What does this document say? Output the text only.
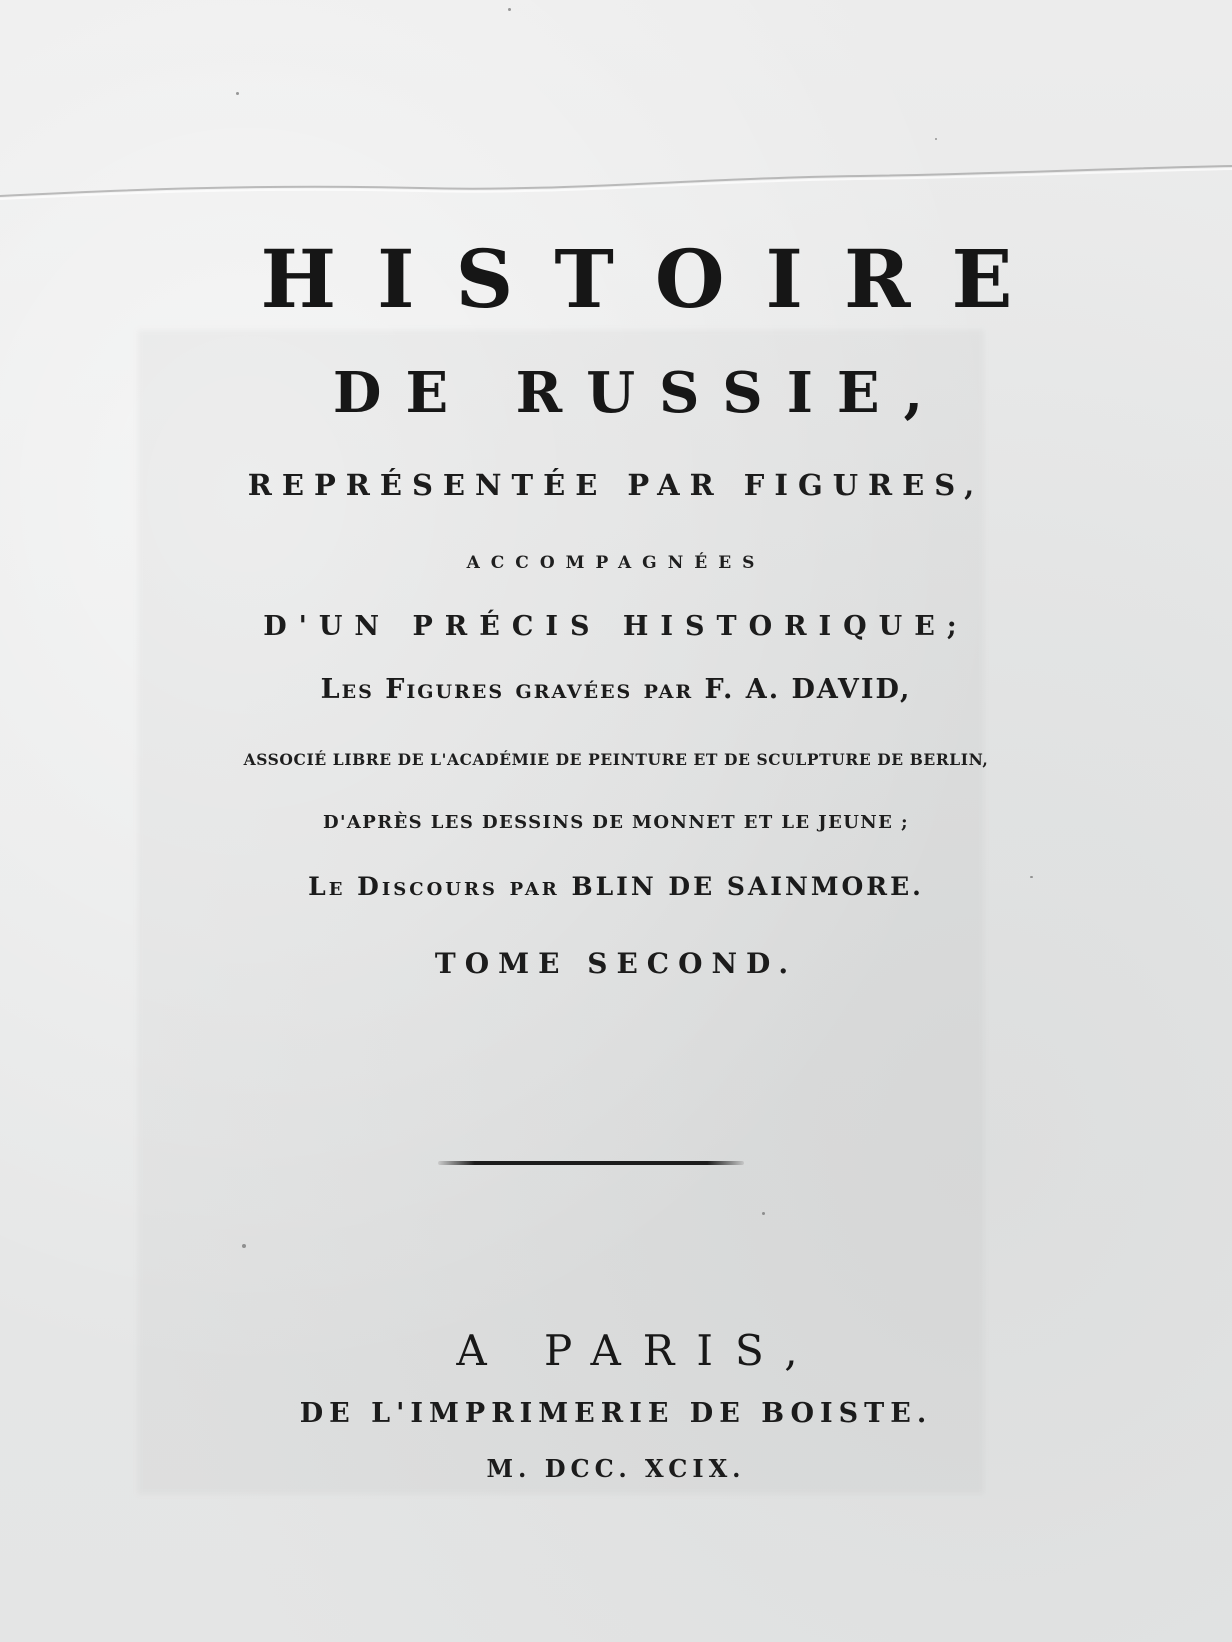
HISTOIRE
DE RUSSIE,
REPRÉSENTÉE PAR FIGURES,
ACCOMPAGNÉES
D'UN PRÉCIS HISTORIQUE;
Les Figures gravées par F. A. DAVID,
ASSOCIÉ LIBRE DE L'ACADÉMIE DE PEINTURE ET DE SCULPTURE DE BERLIN,
D'APRÈS LES DESSINS DE MONNET ET LE JEUNE ;
Le Discours par BLIN DE SAINMORE.
TOME SECOND.
A PARIS,
DE L'IMPRIMERIE DE BOISTE.
M. DCC. XCIX.
